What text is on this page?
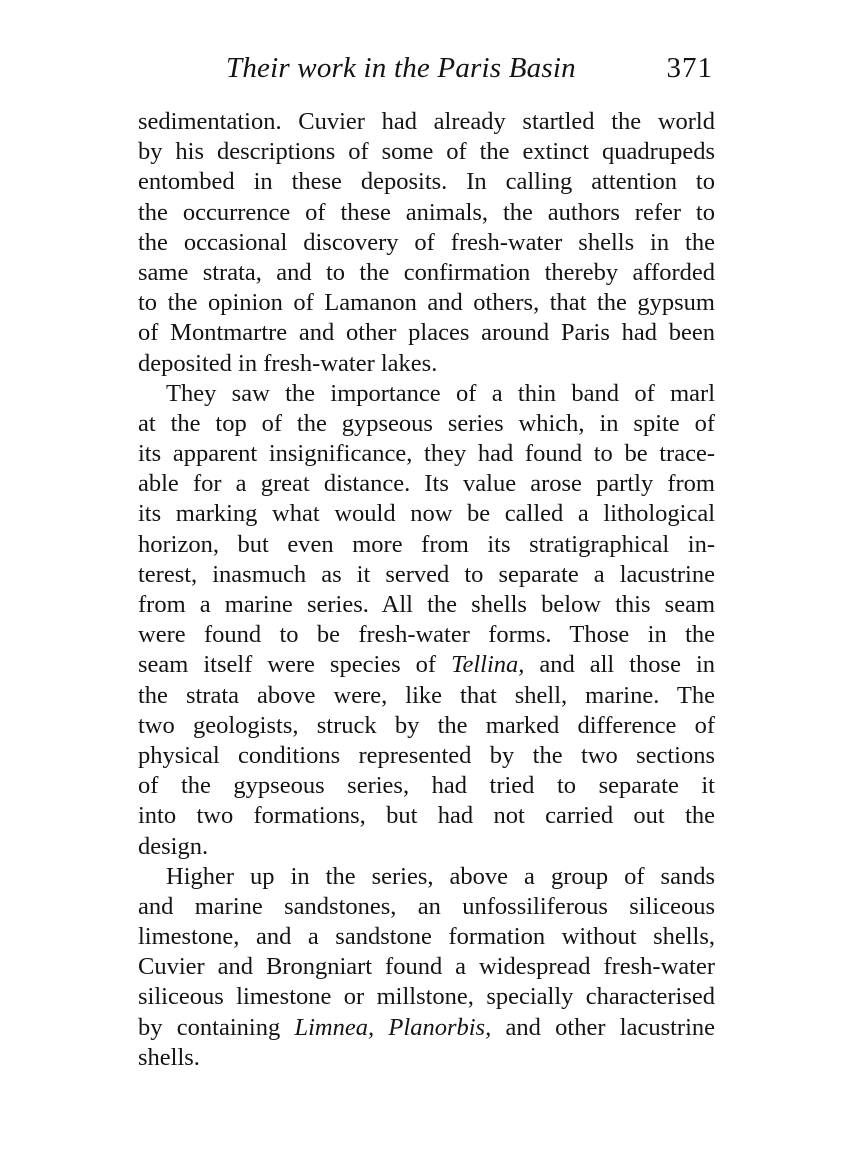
Their work in the Paris Basin	371
sedimentation. Cuvier had already startled the world
by his descriptions of some of the extinct quadrupeds
entombed in these deposits. In calling attention to
the occurrence of these animals, the authors refer to
the occasional discovery of fresh-water shells in the
same strata, and to the confirmation thereby afforded
to the opinion of Lamanon and others, that the gypsum
of Montmartre and other places around Paris had been
deposited in fresh-water lakes.
They saw the importance of a thin band of marl
at the top of the gypseous series which, in spite of
its apparent insignificance, they had found to be trace-
able for a great distance. Its value arose partly from
its marking what would now be called a lithological
horizon, but even more from its stratigraphical in-
terest, inasmuch as it served to separate a lacustrine
from a marine series. All the shells below this seam
were found to be fresh-water forms. Those in the
seam itself were species of Tellina, and all those in
the strata above were, like that shell, marine. The
two geologists, struck by the marked difference of
physical conditions represented by the two sections
of the gypseous series, had tried to separate it
into two formations, but had not carried out the
design.
Higher up in the series, above a group of sands
and marine sandstones, an unfossiliferous siliceous
limestone, and a sandstone formation without shells,
Cuvier and Brongniart found a widespread fresh-water
siliceous limestone or millstone, specially characterised
by containing Limnea, Planorbis, and other lacustrine
shells.
